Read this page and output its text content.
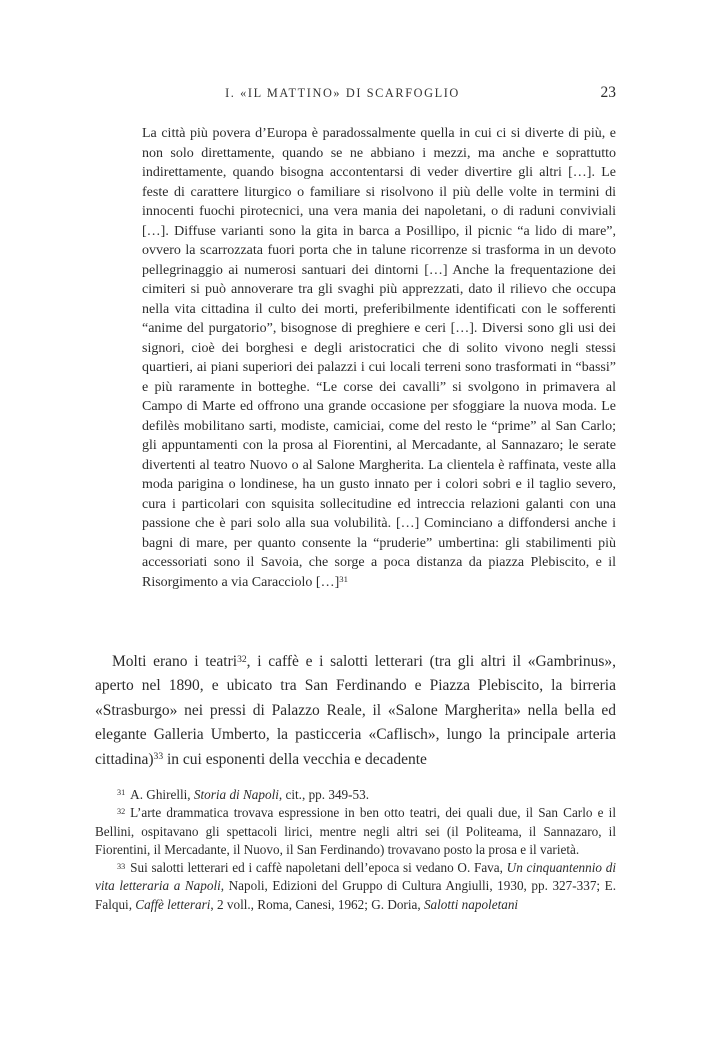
I. «IL MATTINO» DI SCARFOGLIO	23
La città più povera d’Europa è paradossalmente quella in cui ci si diverte di più, e non solo direttamente, quando se ne abbiano i mezzi, ma anche e soprattutto indirettamente, quando bisogna accontentarsi di veder divertire gli altri […]. Le feste di carattere liturgico o familiare si risolvono il più delle volte in termini di innocenti fuochi pirotecnici, una vera mania dei napoletani, o di raduni conviviali […]. Diffuse varianti sono la gita in barca a Posillipo, il picnic “a lido di mare”, ovvero la scarrozzata fuori porta che in talune ricorrenze si trasforma in un devoto pellegrinaggio ai numerosi santuari dei dintorni […] Anche la frequentazione dei cimiteri si può annoverare tra gli svaghi più apprezzati, dato il rilievo che occupa nella vita cittadina il culto dei morti, preferibilmente identificati con le sofferenti “anime del purgatorio”, bisognose di preghiere e ceri […]. Diversi sono gli usi dei signori, cioè dei borghesi e degli aristocratici che di solito vivono negli stessi quartieri, ai piani superiori dei palazzi i cui locali terreni sono trasformati in “bassi” e più raramente in botteghe. “Le corse dei cavalli” si svolgono in primavera al Campo di Marte ed offrono una grande occasione per sfoggiare la nuova moda. Le defilès mobilitano sarti, modiste, camiciai, come del resto le “prime” al San Carlo; gli appuntamenti con la prosa al Fiorentini, al Mercadante, al Sannazaro; le serate divertenti al teatro Nuovo o al Salone Margherita. La clientela è raffinata, veste alla moda parigina o londinese, ha un gusto innato per i colori sobri e il taglio severo, cura i particolari con squisita sollecitudine ed intreccia relazioni galanti con una passione che è pari solo alla sua volubilità. […] Cominciano a diffondersi anche i bagni di mare, per quanto consente la “pruderie” umbertina: gli stabilimenti più accessoriati sono il Savoia, che sorge a poca distanza da piazza Plebiscito, e il Risorgimento a via Caracciolo […]$^{31}$

Molti erano i teatri$^{32}$, i caffè e i salotti letterari (tra gli altri il «Gambrinus», aperto nel 1890, e ubicato tra San Ferdinando e Piazza Plebiscito, la birreria «Strasburgo» nei pressi di Palazzo Reale, il «Salone Margherita» nella bella ed elegante Galleria Umberto, la pasticceria «Caflisch», lungo la principale arteria cittadina)$^{33}$ in cui esponenti della vecchia e decadente

$^{31}$ A. Ghirelli, Storia di Napoli, cit., pp. 349-53.

$^{32}$ L’arte drammatica trovava espressione in ben otto teatri, dei quali due, il San Carlo e il Bellini, ospitavano gli spettacoli lirici, mentre negli altri sei (il Politeama, il Sannazaro, il Fiorentini, il Mercadante, il Nuovo, il San Ferdinando) trovavano posto la prosa e il varietà.

$^{33}$ Sui salotti letterari ed i caffè napoletani dell’epoca si vedano O. Fava, Un cinquantennio di vita letteraria a Napoli, Napoli, Edizioni del Gruppo di Cultura Angiulli, 1930, pp. 327-337; E. Falqui, Caffè letterari, 2 voll., Roma, Canesi, 1962; G. Doria, Salotti napoletani
